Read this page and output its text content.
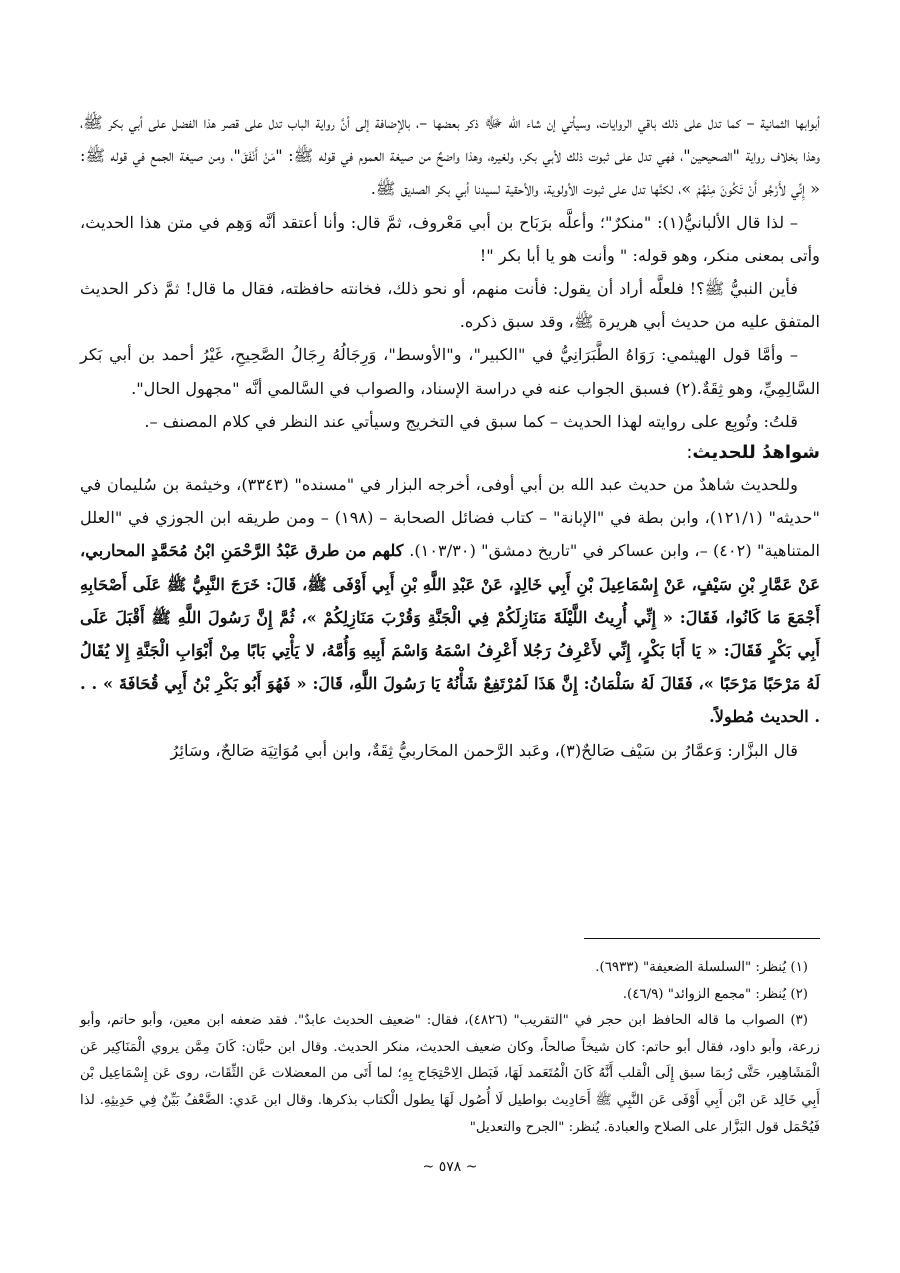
أبوابها الثمانية – كما تدل على ذلك باقي الروايات، وسيأتي إن شاء الله ﷻ ذكر بعضها –، بالإضافة إلى أنَّ رواية الباب تدل على قصر هذا الفضل على أبي بكر ﷺ، وهذا بخلاف رواية "الصحيحين"، فهي تدل على ثبوت ذلك لأبي بكر، ولغيره، وهذا واضحٌ من صيغة العموم في قوله ﷺ: "مَنْ أَنْفَقَ"، ومن صيغة الجمع في قوله ﷺ: « إِنِّي لأَرْجُو أَنْ تَكُونَ مِنْهُمْ »، لكنَّها تدل على ثبوت الأولوية، والأحقية لسيدنا أبي بكر الصديق ﷺ.

– لذا قال الألبانيُّ(١): "منكرٌ"؛ وأعلَّه برَبَاح بن أبي مَعْروف، ثمَّ قال: وأنا أعتقد أنَّه وَهِم في متن هذا الحديث، وأتى بمعنى منكر، وهو قوله: " وأنت هو يا أبا بكر "!

فأين النبيُّ ﷺ؟! فلعلَّه أراد أن يقول: فأنت منهم، أو نحو ذلك، فخانته حافظته، فقال ما قال! ثمَّ ذكر الحديث المتفق عليه من حديث أبي هريرة ﷺ، وقد سبق ذكره.

– وأمَّا قول الهيثمي: رَوَاهُ الطَّبَرَانِيُّ في "الكبير"، و"الأوسط"، وَرِجَالُهُ رِجَالُ الصَّحِيحِ، غَيْرُ أحمد بن أبي بَكر السَّالِمِيِّ، وهو ثِقَةٌ.(٢) فسبق الجواب عنه في دراسة الإسناد، والصواب في السَّالمي أنَّه "مجهول الحال".

قلتُ: وتُوبِع على روايته لهذا الحديث – كما سبق في التخريج وسيأتي عند النظر في كلام المصنف –.

شواهدُ للحديث:

وللحديث شاهدٌ من حديث عبد الله بن أبي أوفى، أخرجه البزار في "مسنده" (٣٣٤٣)، وخيثمة بن سُليمان في "حديثه" (١٢١/١)، وابن بطة في "الإبانة" – كتاب فضائل الصحابة – (١٩٨) – ومن طريقه ابن الجوزي في "العلل المتناهية" (٤٠٢) –، وابن عساكر في "تاريخ دمشق" (١٠٣/٣٠). كلهم من طرق عَبْدُ الرَّحْمَنِ ابْنُ مُحَمَّدٍ المحاربي، عَنْ عَمَّارِ بْنِ سَيْفٍ، عَنْ إِسْمَاعِيلَ بْنِ أَبِي خَالِدٍ، عَنْ عَبْدِ اللَّهِ بْنِ أَبِي أَوْفَى ﷺ، قَالَ: خَرَجَ النَّبِيُّ ﷺ عَلَى أَصْحَابِهِ أَجْمَعَ مَا كَانُوا، فَقَالَ: « إِنِّي أُرِيتُ اللَّيْلَةَ مَنَازِلَكُمْ فِي الْجَنَّةِ وَقُرْبَ مَنَازِلِكُمْ »، ثُمَّ إِنَّ رَسُولَ اللَّهِ ﷺ أَقْبَلَ عَلَى أَبِي بَكْرٍ فَقَالَ: « يَا أَبَا بَكْرٍ، إِنِّي لأَعْرِفُ رَجُلا أَعْرِفُ اسْمَهُ وَاسْمَ أَبِيهِ وَأُمَّهُ، لا يَأْتِي بَابًا مِنْ أَبْوَابِ الْجَنَّةِ إِلا يُقَالُ لَهُ مَرْحَبًا مَرْحَبًا »، فَقَالَ لَهُ سَلْمَانُ: إِنَّ هَذَا لَمُرْتَفِعٌ شَأْنُهُ يَا رَسُولَ اللَّهِ، قَالَ: « فَهُوَ أَبُو بَكْرِ بْنُ أَبِي قُحَافَةَ » . . . الحديث مُطولاً.

قال البزَّار: وَعمَّارُ بن سَيْف صَالحٌ(٣)، وعَبد الرَّحمن المحَاربيُّ ثِقَةٌ، وابن أبي مُوَاتِيَة صَالحٌ، وسَائِرُ

(١) يُنظر: "السلسلة الضعيفة" (٦٩٣٣).

(٢) يُنظر: "مجمع الزوائد" (٤٦/٩).

(٣) الصواب ما قاله الحافظ ابن حجر في "التقريب" (٤٨٢٦)، فقال: "ضعيف الحديث عابدٌ". فقد ضعفه ابن معين، وأبو حاتم، وأبو زرعة، وأبو داود، فقال أبو حاتم: كان شيخاً صالحاً، وكان ضعيف الحديث، منكر الحديث. وقال ابن حبَّان: كَانَ مِمَّن يروي الْمَنَاكِير عَن الْمَشَاهِير، حَتَّى رُبمَا سبق إِلَى الْقلب أَنَّهُ كَانَ الْمُتَعَمد لَهَا، فَبَطل الِاحْتِجَاج بِهِ؛ لما أَتَى من المعضلات عَن الثِّقَات، روى عَن إِسْمَاعِيل بْن أَبِي خَالِد عَن ابْن أَبِي أَوْفَى عَن النَّبِي ﷺ أَحَادِيث بواطيل لَا أُصُول لَهَا يطول الْكتاب بذكرها. وقال ابن عَدي: الضَّعْفُ بَيِّنٌ فِي حَدِيثِهِ. لذا فَيُحْمَل قول البَزَّار على الصلاح والعبادة. يُنظر: "الجرح والتعديل"

~ ٥٧٨ ~
